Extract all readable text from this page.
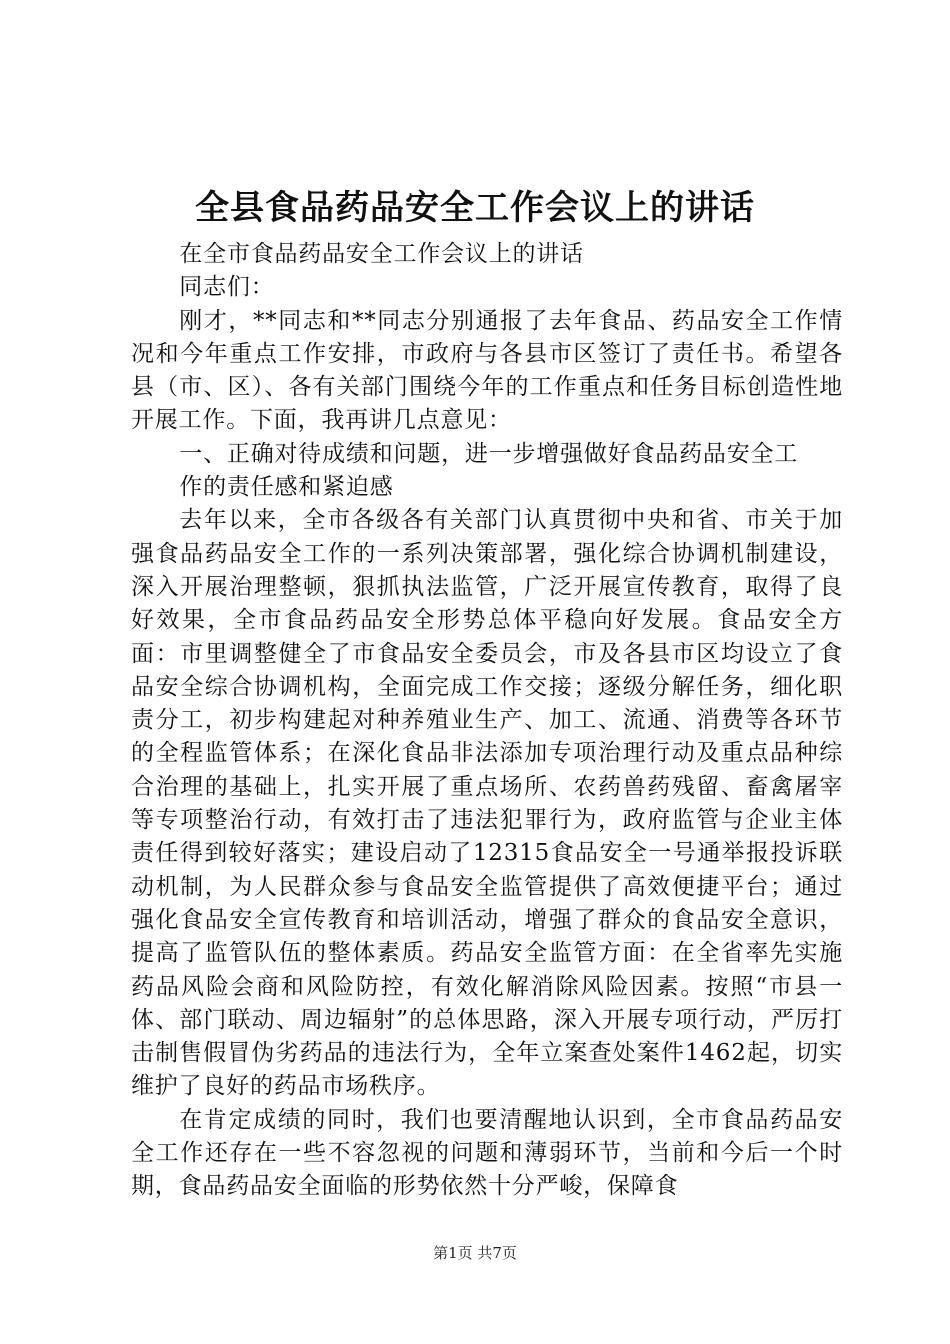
全县食品药品安全工作会议上的讲话

在全市食品药品安全工作会议上的讲话

同志们：

刚才，**同志和**同志分别通报了去年食品、药品安全工作情况和今年重点工作安排，市政府与各县市区签订了责任书。希望各县（市、区）、各有关部门围绕今年的工作重点和任务目标创造性地开展工作。下面，我再讲几点意见：

一、正确对待成绩和问题，进一步增强做好食品药品安全工

作的责任感和紧迫感

去年以来，全市各级各有关部门认真贯彻中央和省、市关于加强食品药品安全工作的一系列决策部署，强化综合协调机制建设，深入开展治理整顿，狠抓执法监管，广泛开展宣传教育，取得了良好效果，全市食品药品安全形势总体平稳向好发展。食品安全方面：市里调整健全了市食品安全委员会，市及各县市区均设立了食品安全综合协调机构，全面完成工作交接；逐级分解任务，细化职责分工，初步构建起对种养殖业生产、加工、流通、消费等各环节的全程监管体系；在深化食品非法添加专项治理行动及重点品种综合治理的基础上，扎实开展了重点场所、农药兽药残留、畜禽屠宰等专项整治行动，有效打击了违法犯罪行为，政府监管与企业主体责任得到较好落实；建设启动了12315食品安全一号通举报投诉联动机制，为人民群众参与食品安全监管提供了高效便捷平台；通过强化食品安全宣传教育和培训活动，增强了群众的食品安全意识，提高了监管队伍的整体素质。药品安全监管方面：在全省率先实施药品风险会商和风险防控，有效化解消除风险因素。按照“市县一体、部门联动、周边辐射”的总体思路，深入开展专项行动，严厉打击制售假冒伪劣药品的违法行为，全年立案查处案件1462起，切实维护了良好的药品市场秩序。

在肯定成绩的同时，我们也要清醒地认识到，全市食品药品安全工作还存在一些不容忽视的问题和薄弱环节，当前和今后一个时期，食品药品安全面临的形势依然十分严峻，保障食

第1页 共7页
